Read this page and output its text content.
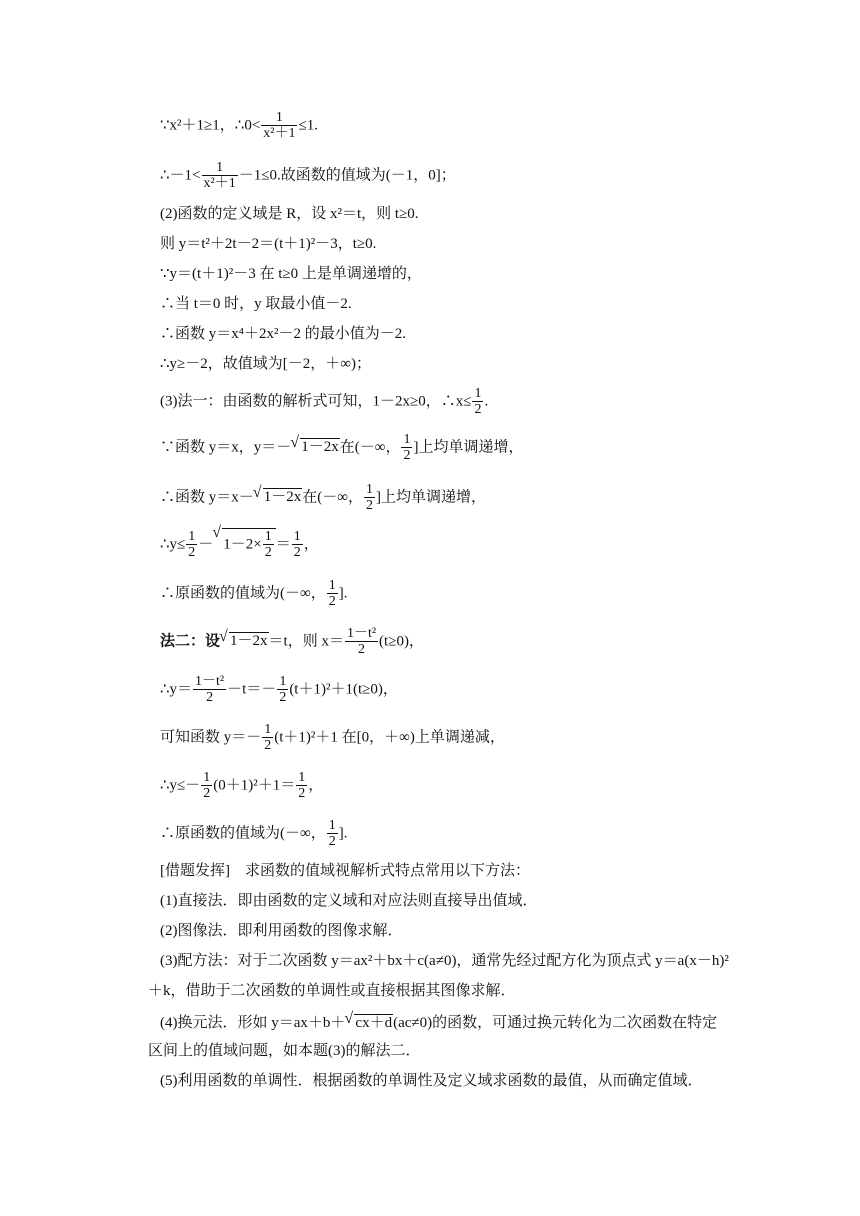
∵x²＋1≥1，∴0< $\frac{1}{\text{x²＋1}} \le 1$.
∴－1< $\frac{1}{\text{x²＋1}} -1\le 0$.故函数的值域为(－1，0]；
(2)函数的定义域是 R，设 x²＝t，则 t≥0.
则 y＝t²＋2t－2＝(t＋1)²－3，t≥0.
∵y＝(t＋1)²－3 在 t≥0 上是单调递增的，
∴当 t＝0 时，y 取最小值－2.
∴函数 y＝x⁴＋2x²－2 的最小值为－2.
∴y≥－2，故值域为[－2，＋∞)；
(3)法一：由函数的解析式可知，1－2x≥0，∴x≤ $\frac{1}{2}$ .
∵函数 y＝x，y＝－ √ 1－2x在(－∞， $\frac{1}{2}$ ]上均单调递增，
∴函数 y＝x－ √ 1－2x在(－∞， $\frac{1}{2}$ ]上均单调递增，
∴y≤ $\frac{1}{2}$ － √ $1-2\times \frac{1}{2} = \frac{1}{2}$ ，
∴原函数的值域为(－∞， $\frac{1}{2}$ ].
法二：设 √ 1－2x＝t，则 $x= \frac{\text{1－t²}}{2} (t\ge 0)$，
∴y＝ $\frac{\text{1－t²}}{2} -t=- \frac{1}{2} (t+1)^2+1(t\ge 0)$，
可知函数 $y=- \frac{1}{2} (t+1)^2+1$ 在[0，＋∞)上单调递减，
∴y≤－ $\frac{1}{2} (0+1)^2+1= \frac{1}{2}$ ，
∴原函数的值域为(－∞， $\frac{1}{2}$ ].
[借题发挥]　求函数的值域视解析式特点常用以下方法：
(1)直接法．即由函数的定义域和对应法则直接导出值域．
(2)图像法．即利用函数的图像求解．
(3)配方法：对于二次函数 y＝ax²＋bx＋c(a≠0)，通常先经过配方化为顶点式 y＝a(x－h)²
＋k，借助于二次函数的单调性或直接根据其图像求解．
(4)换元法．形如 y＝ax＋b＋ √ cx＋d(ac≠0)的函数，可通过换元转化为二次函数在特定
区间上的值域问题，如本题(3)的解法二．
(5)利用函数的单调性．根据函数的单调性及定义域求函数的最值，从而确定值域．
